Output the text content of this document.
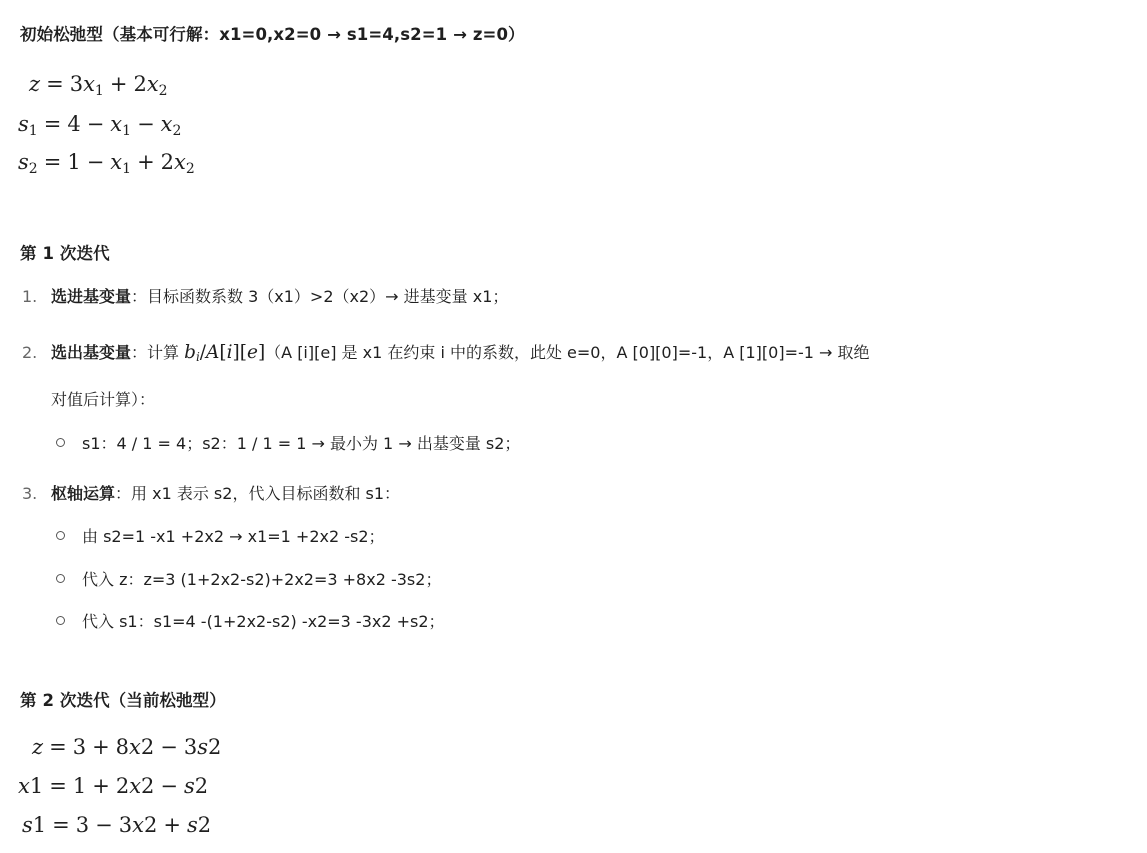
初始松弛型（基本可行解：x1=0,x2=0 → s1=4,s2=1 → z=0）
$z = 3x_1 + 2x_2$
$s_1 = 4 - x_1 - x_2$
$s_2 = 1 - x_1 + 2x_2$
第 1 次迭代
1. 选进基变量：目标函数系数 3（x1）>2（x2）→ 进基变量 x1；
2. 选出基变量：计算 $b_i/A[i][e](A$ [i][e] 是 x1 在约束 i 中的系数，此处 e=0，A [0][0]=-1，A [1][0]=-1 → 取绝
对值后计算）：
s1：4 / 1 = 4；s2：1 / 1 = 1 → 最小为 1 → 出基变量 s2；
3. 枢轴运算：用 x1 表示 s2，代入目标函数和 s1：
由 s2=1 -x1 +2x2 → x1=1 +2x2 -s2；
代入 z：z=3 (1+2x2-s2)+2x2=3 +8x2 -3s2；
代入 s1：s1=4 -(1+2x2-s2) -x2=3 -3x2 +s2；
第 2 次迭代（当前松弛型）
z = 3 + 8x2 − 3s2
x1 = 1 + 2x2 − s2
s1 = 3 − 3x2 + s2
